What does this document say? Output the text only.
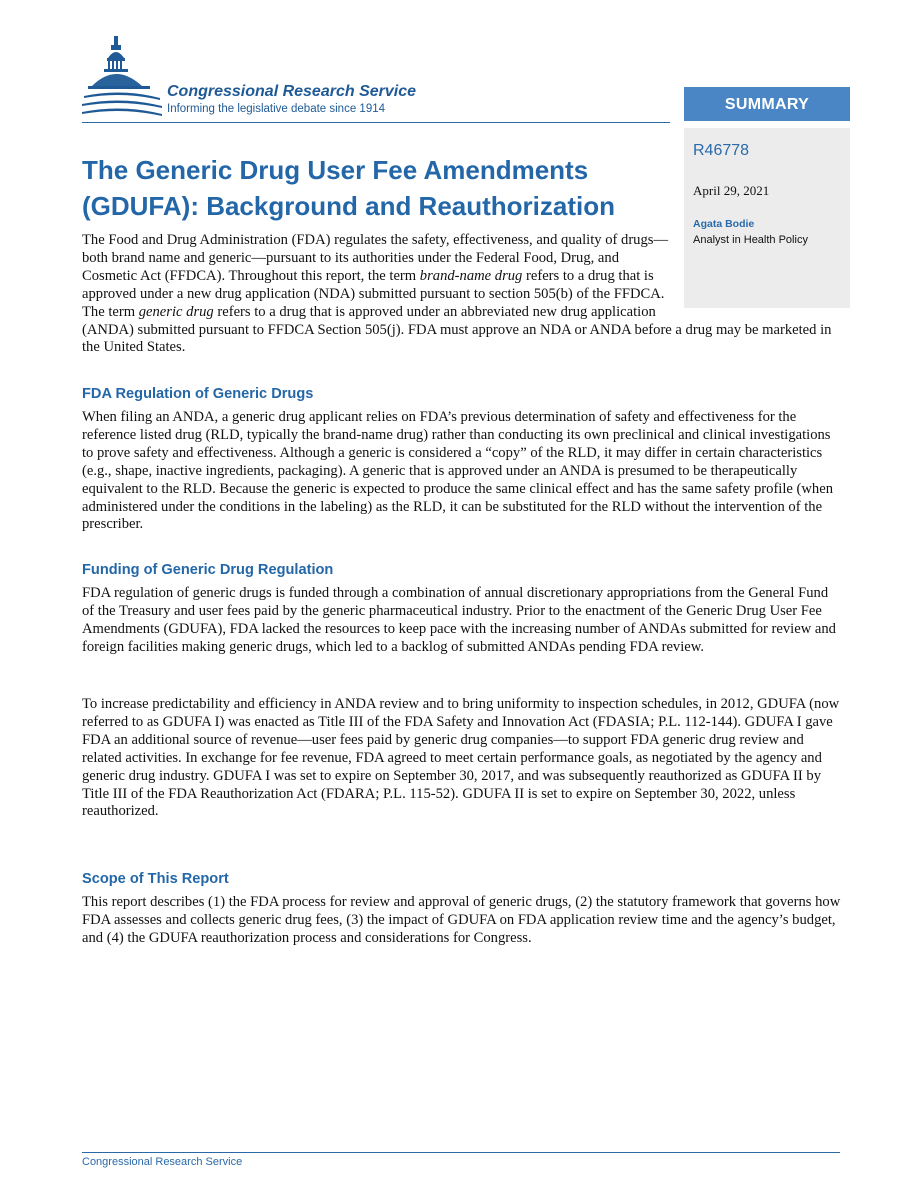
Congressional Research Service
Informing the legislative debate since 1914	SUMMARY
R46778
April 29, 2021
Agata Bodie
Analyst in Health Policy
The Generic Drug User Fee Amendments (GDUFA): Background and Reauthorization

The Food and Drug Administration (FDA) regulates the safety, effectiveness, and quality of drugs—both brand name and generic—pursuant to its authorities under the Federal Food, Drug, and Cosmetic Act (FFDCA). Throughout this report, the term brand-name drug refers to a drug that is approved under a new drug application (NDA) submitted pursuant to section 505(b) of the FFDCA. The term generic drug refers to a drug that is approved under an abbreviated new drug application (ANDA) submitted pursuant to FFDCA Section 505(j). FDA must approve an NDA or ANDA before a drug may be marketed in the United States.

FDA Regulation of Generic Drugs

When filing an ANDA, a generic drug applicant relies on FDA’s previous determination of safety and effectiveness for the reference listed drug (RLD, typically the brand-name drug) rather than conducting its own preclinical and clinical investigations to prove safety and effectiveness. Although a generic is considered a “copy” of the RLD, it may differ in certain characteristics (e.g., shape, inactive ingredients, packaging). A generic that is approved under an ANDA is presumed to be therapeutically equivalent to the RLD. Because the generic is expected to produce the same clinical effect and has the same safety profile (when administered under the conditions in the labeling) as the RLD, it can be substituted for the RLD without the intervention of the prescriber.

Funding of Generic Drug Regulation

FDA regulation of generic drugs is funded through a combination of annual discretionary appropriations from the General Fund of the Treasury and user fees paid by the generic pharmaceutical industry. Prior to the enactment of the Generic Drug User Fee Amendments (GDUFA), FDA lacked the resources to keep pace with the increasing number of ANDAs submitted for review and foreign facilities making generic drugs, which led to a backlog of submitted ANDAs pending FDA review.

To increase predictability and efficiency in ANDA review and to bring uniformity to inspection schedules, in 2012, GDUFA (now referred to as GDUFA I) was enacted as Title III of the FDA Safety and Innovation Act (FDASIA; P.L. 112-144). GDUFA I gave FDA an additional source of revenue—user fees paid by generic drug companies—to support FDA generic drug review and related activities. In exchange for fee revenue, FDA agreed to meet certain performance goals, as negotiated by the agency and generic drug industry. GDUFA I was set to expire on September 30, 2017, and was subsequently reauthorized as GDUFA II by Title III of the FDA Reauthorization Act (FDARA; P.L. 115-52). GDUFA II is set to expire on September 30, 2022, unless reauthorized.

Scope of This Report

This report describes (1) the FDA process for review and approval of generic drugs, (2) the statutory framework that governs how FDA assesses and collects generic drug fees, (3) the impact of GDUFA on FDA application review time and the agency’s budget, and (4) the GDUFA reauthorization process and considerations for Congress.

Congressional Research Service
